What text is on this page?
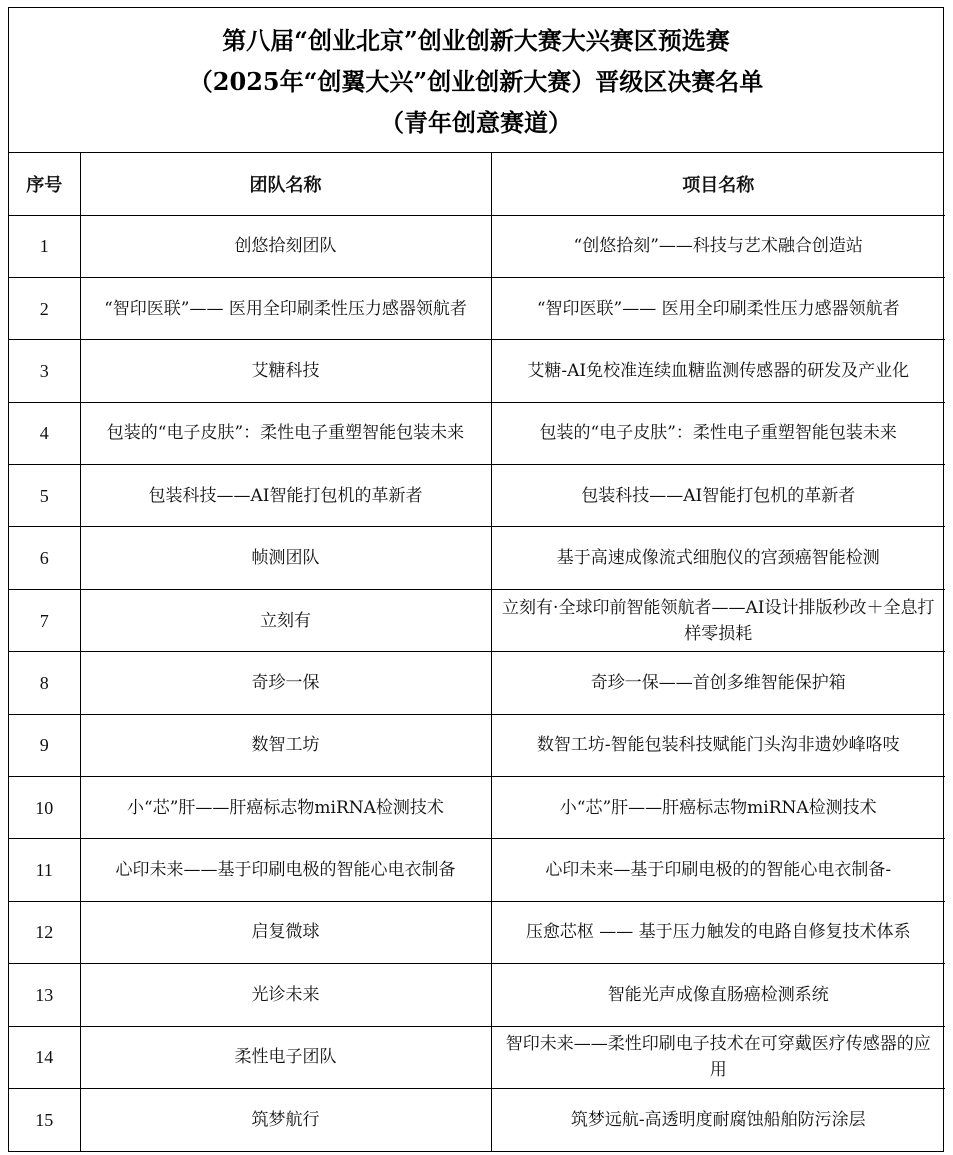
第八届“创业北京”创业创新大赛大兴赛区预选赛
（2025年“创翼大兴”创业创新大赛）晋级区决赛名单
（青年创意赛道）
序号	团队名称	项目名称
1	创悠拾刻团队	“创悠拾刻”——科技与艺术融合创造站
2	“智印医联”—— 医用全印刷柔性压力感器领航者	“智印医联”—— 医用全印刷柔性压力感器领航者
3	艾糖科技	艾糖-AI免校准连续血糖监测传感器的研发及产业化
4	包装的“电子皮肤”：柔性电子重塑智能包装未来	包装的“电子皮肤”：柔性电子重塑智能包装未来
5	包装科技——AI智能打包机的革新者	包装科技——AI智能打包机的革新者
6	帧测团队	基于高速成像流式细胞仪的宫颈癌智能检测
7	立刻有	立刻有·全球印前智能领航者——AI设计排版秒改＋全息打样零损耗
8	奇珍一保	奇珍一保——首创多维智能保护箱
9	数智工坊	数智工坊-智能包装科技赋能门头沟非遗妙峰咯吱
10	小“芯”肝——肝癌标志物miRNA检测技术	小“芯”肝——肝癌标志物miRNA检测技术
11	心印未来——基于印刷电极的智能心电衣制备	心印未来—基于印刷电极的的智能心电衣制备-
12	启复微球	压愈芯枢 —— 基于压力触发的电路自修复技术体系
13	光诊未来	智能光声成像直肠癌检测系统
14	柔性电子团队	智印未来——柔性印刷电子技术在可穿戴医疗传感器的应用
15	筑梦航行	筑梦远航-高透明度耐腐蚀船舶防污涂层
